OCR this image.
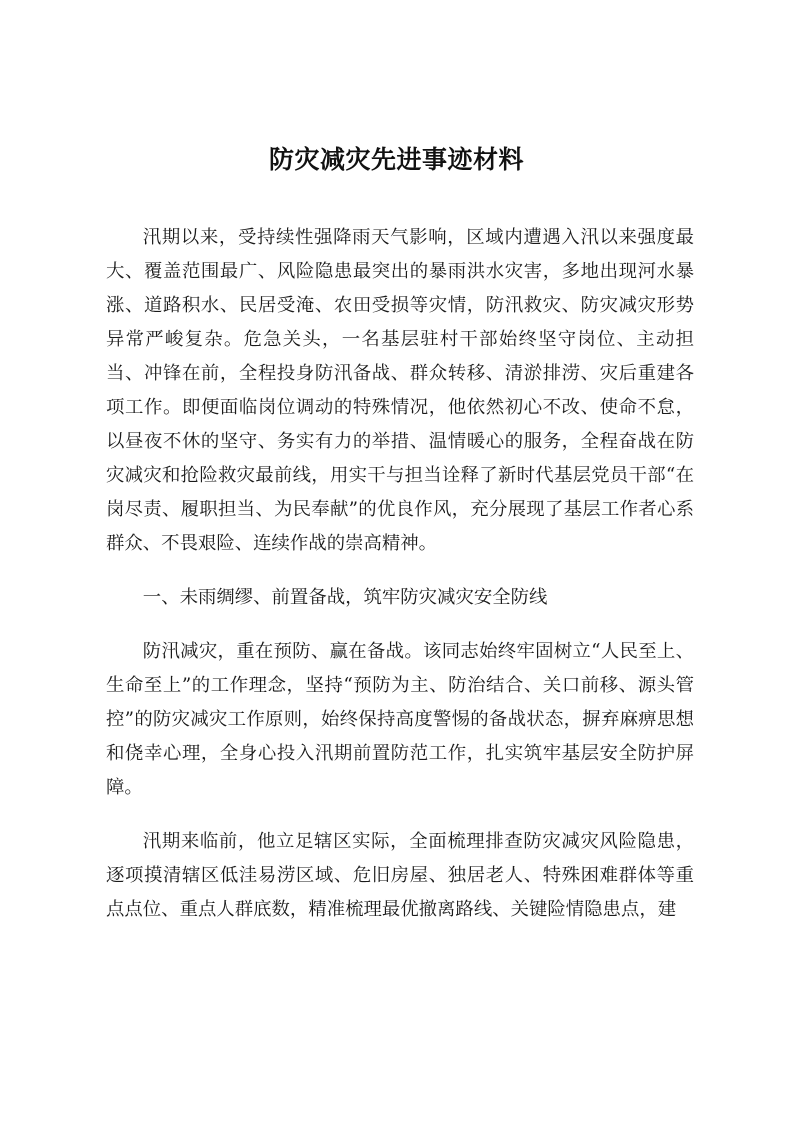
防灾减灾先进事迹材料

汛期以来，受持续性强降雨天气影响，区域内遭遇入汛以来强度最大、覆盖范围最广、风险隐患最突出的暴雨洪水灾害，多地出现河水暴涨、道路积水、民居受淹、农田受损等灾情，防汛救灾、防灾减灾形势异常严峻复杂。危急关头，一名基层驻村干部始终坚守岗位、主动担当、冲锋在前，全程投身防汛备战、群众转移、清淤排涝、灾后重建各项工作。即便面临岗位调动的特殊情况，他依然初心不改、使命不怠，以昼夜不休的坚守、务实有力的举措、温情暖心的服务，全程奋战在防灾减灾和抢险救灾最前线，用实干与担当诠释了新时代基层党员干部“在岗尽责、履职担当、为民奉献”的优良作风，充分展现了基层工作者心系群众、不畏艰险、连续作战的崇高精神。

一、未雨绸缪、前置备战，筑牢防灾减灾安全防线

防汛减灾，重在预防、赢在备战。该同志始终牢固树立“人民至上、生命至上”的工作理念，坚持“预防为主、防治结合、关口前移、源头管控”的防灾减灾工作原则，始终保持高度警惕的备战状态，摒弃麻痹思想和侥幸心理，全身心投入汛期前置防范工作，扎实筑牢基层安全防护屏障。

汛期来临前，他立足辖区实际，全面梳理排查防灾减灾风险隐患，逐项摸清辖区低洼易涝区域、危旧房屋、独居老人、特殊困难群体等重点点位、重点人群底数，精准梳理最优撤离路线、关键险情隐患点，建
